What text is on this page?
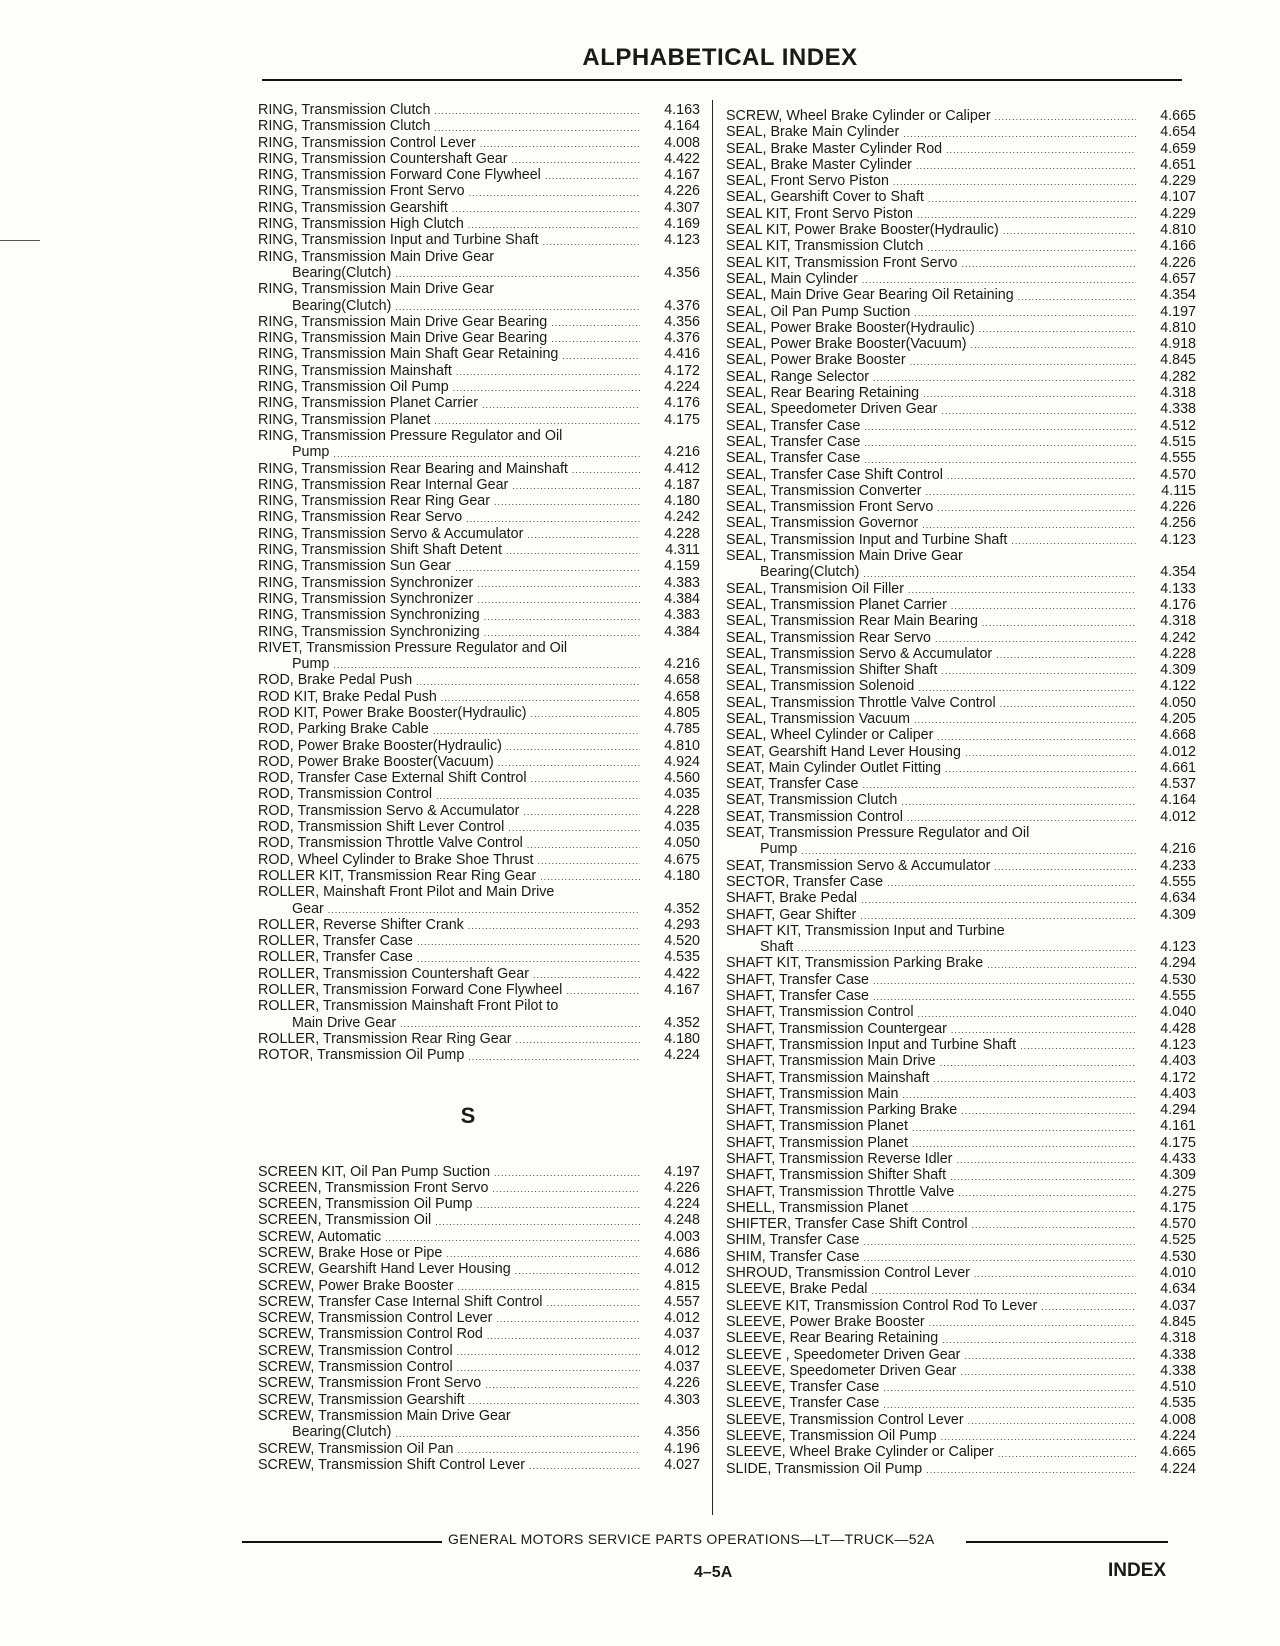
ALPHABETICAL INDEX
RING, Transmission Clutch .....	4.163
RING, Transmission Clutch .....	4.164
RING, Transmission Control Lever .....	4.008
RING, Transmission Countershaft Gear .....	4.422
RING, Transmission Forward Cone Flywheel .....	4.167
RING, Transmission Front Servo .....	4.226
RING, Transmission Gearshift .....	4.307
RING, Transmission High Clutch .....	4.169
RING, Transmission Input and Turbine Shaft .....	4.123
RING, Transmission Main Drive Gear
Bearing(Clutch) .....	4.356
RING, Transmission Main Drive Gear
Bearing(Clutch) .....	4.376
RING, Transmission Main Drive Gear Bearing .....	4.356
RING, Transmission Main Drive Gear Bearing .....	4.376
RING, Transmission Main Shaft Gear Retaining .....	4.416
RING, Transmission Mainshaft .....	4.172
RING, Transmission Oil Pump .....	4.224
RING, Transmission Planet Carrier .....	4.176
RING, Transmission Planet .....	4.175
RING, Transmission Pressure Regulator and Oil
Pump .....	4.216
RING, Transmission Rear Bearing and Mainshaft .....	4.412
RING, Transmission Rear Internal Gear .....	4.187
RING, Transmission Rear Ring Gear .....	4.180
RING, Transmission Rear Servo .....	4.242
RING, Transmission Servo & Accumulator .....	4.228
RING, Transmission Shift Shaft Detent .....	4.311
RING, Transmission Sun Gear .....	4.159
RING, Transmission Synchronizer .....	4.383
RING, Transmission Synchronizer .....	4.384
RING, Transmission Synchronizing .....	4.383
RING, Transmission Synchronizing .....	4.384
RIVET, Transmission Pressure Regulator and Oil
Pump .....	4.216
ROD, Brake Pedal Push .....	4.658
ROD KIT, Brake Pedal Push .....	4.658
ROD KIT, Power Brake Booster(Hydraulic) .....	4.805
ROD, Parking Brake Cable .....	4.785
ROD, Power Brake Booster(Hydraulic) .....	4.810
ROD, Power Brake Booster(Vacuum) .....	4.924
ROD, Transfer Case External Shift Control .....	4.560
ROD, Transmission Control .....	4.035
ROD, Transmission Servo & Accumulator .....	4.228
ROD, Transmission Shift Lever Control .....	4.035
ROD, Transmission Throttle Valve Control .....	4.050
ROD, Wheel Cylinder to Brake Shoe Thrust .....	4.675
ROLLER KIT, Transmission Rear Ring Gear .....	4.180
ROLLER, Mainshaft Front Pilot and Main Drive
Gear .....	4.352
ROLLER, Reverse Shifter Crank .....	4.293
ROLLER, Transfer Case .....	4.520
ROLLER, Transfer Case .....	4.535
ROLLER, Transmission Countershaft Gear .....	4.422
ROLLER, Transmission Forward Cone Flywheel .....	4.167
ROLLER, Transmission Mainshaft Front Pilot to
Main Drive Gear .....	4.352
ROLLER, Transmission Rear Ring Gear .....	4.180
ROTOR, Transmission Oil Pump .....	4.224
S
SCREEN KIT, Oil Pan Pump Suction .....	4.197
SCREEN, Transmission Front Servo .....	4.226
SCREEN, Transmission Oil Pump .....	4.224
SCREEN, Transmission Oil .....	4.248
SCREW, Automatic .....	4.003
SCREW, Brake Hose or Pipe .....	4.686
SCREW, Gearshift Hand Lever Housing .....	4.012
SCREW, Power Brake Booster .....	4.815
SCREW, Transfer Case Internal Shift Control .....	4.557
SCREW, Transmission Control Lever .....	4.012
SCREW, Transmission Control Rod .....	4.037
SCREW, Transmission Control .....	4.012
SCREW, Transmission Control .....	4.037
SCREW, Transmission Front Servo .....	4.226
SCREW, Transmission Gearshift .....	4.303
SCREW, Transmission Main Drive Gear
Bearing(Clutch) .....	4.356
SCREW, Transmission Oil Pan .....	4.196
SCREW, Transmission Shift Control Lever .....	4.027
SCREW, Wheel Brake Cylinder or Caliper .....	4.665
SEAL, Brake Main Cylinder .....	4.654
SEAL, Brake Master Cylinder Rod .....	4.659
SEAL, Brake Master Cylinder .....	4.651
SEAL, Front Servo Piston .....	4.229
SEAL, Gearshift Cover to Shaft .....	4.107
SEAL KIT, Front Servo Piston .....	4.229
SEAL KIT, Power Brake Booster(Hydraulic) .....	4.810
SEAL KIT, Transmission Clutch .....	4.166
SEAL KIT, Transmission Front Servo .....	4.226
SEAL, Main Cylinder .....	4.657
SEAL, Main Drive Gear Bearing Oil Retaining .....	4.354
SEAL, Oil Pan Pump Suction .....	4.197
SEAL, Power Brake Booster(Hydraulic) .....	4.810
SEAL, Power Brake Booster(Vacuum) .....	4.918
SEAL, Power Brake Booster .....	4.845
SEAL, Range Selector .....	4.282
SEAL, Rear Bearing Retaining .....	4.318
SEAL, Speedometer Driven Gear .....	4.338
SEAL, Transfer Case .....	4.512
SEAL, Transfer Case .....	4.515
SEAL, Transfer Case .....	4.555
SEAL, Transfer Case Shift Control .....	4.570
SEAL, Transmission Converter .....	4.115
SEAL, Transmission Front Servo .....	4.226
SEAL, Transmission Governor .....	4.256
SEAL, Transmission Input and Turbine Shaft .....	4.123
SEAL, Transmission Main Drive Gear
Bearing(Clutch) .....	4.354
SEAL, Transmision Oil Filler .....	4.133
SEAL, Transmission Planet Carrier .....	4.176
SEAL, Transmission Rear Main Bearing .....	4.318
SEAL, Transmission Rear Servo .....	4.242
SEAL, Transmission Servo & Accumulator .....	4.228
SEAL, Transmission Shifter Shaft .....	4.309
SEAL, Transmission Solenoid .....	4.122
SEAL, Transmission Throttle Valve Control .....	4.050
SEAL, Transmission Vacuum .....	4.205
SEAL, Wheel Cylinder or Caliper .....	4.668
SEAT, Gearshift Hand Lever Housing .....	4.012
SEAT, Main Cylinder Outlet Fitting .....	4.661
SEAT, Transfer Case .....	4.537
SEAT, Transmission Clutch .....	4.164
SEAT, Transmission Control .....	4.012
SEAT, Transmission Pressure Regulator and Oil
Pump .....	4.216
SEAT, Transmission Servo & Accumulator .....	4.233
SECTOR, Transfer Case .....	4.555
SHAFT, Brake Pedal .....	4.634
SHAFT, Gear Shifter .....	4.309
SHAFT KIT, Transmission Input and Turbine
Shaft .....	4.123
SHAFT KIT, Transmission Parking Brake .....	4.294
SHAFT, Transfer Case .....	4.530
SHAFT, Transfer Case .....	4.555
SHAFT, Transmission Control .....	4.040
SHAFT, Transmission Countergear .....	4.428
SHAFT, Transmission Input and Turbine Shaft .....	4.123
SHAFT, Transmission Main Drive .....	4.403
SHAFT, Transmission Mainshaft .....	4.172
SHAFT, Transmission Main .....	4.403
SHAFT, Transmission Parking Brake .....	4.294
SHAFT, Transmission Planet .....	4.161
SHAFT, Transmission Planet .....	4.175
SHAFT, Transmission Reverse Idler .....	4.433
SHAFT, Transmission Shifter Shaft .....	4.309
SHAFT, Transmission Throttle Valve .....	4.275
SHELL, Transmission Planet .....	4.175
SHIFTER, Transfer Case Shift Control .....	4.570
SHIM, Transfer Case .....	4.525
SHIM, Transfer Case .....	4.530
SHROUD, Transmission Control Lever .....	4.010
SLEEVE, Brake Pedal .....	4.634
SLEEVE KIT, Transmission Control Rod To Lever .....	4.037
SLEEVE, Power Brake Booster .....	4.845
SLEEVE, Rear Bearing Retaining .....	4.318
SLEEVE , Speedometer Driven Gear .....	4.338
SLEEVE, Speedometer Driven Gear .....	4.338
SLEEVE, Transfer Case .....	4.510
SLEEVE, Transfer Case .....	4.535
SLEEVE, Transmission Control Lever .....	4.008
SLEEVE, Transmission Oil Pump .....	4.224
SLEEVE, Wheel Brake Cylinder or Caliper .....	4.665
SLIDE, Transmission Oil Pump .....	4.224
GENERAL MOTORS SERVICE PARTS OPERATIONS—LT—TRUCK—52A
4–5A	INDEX
